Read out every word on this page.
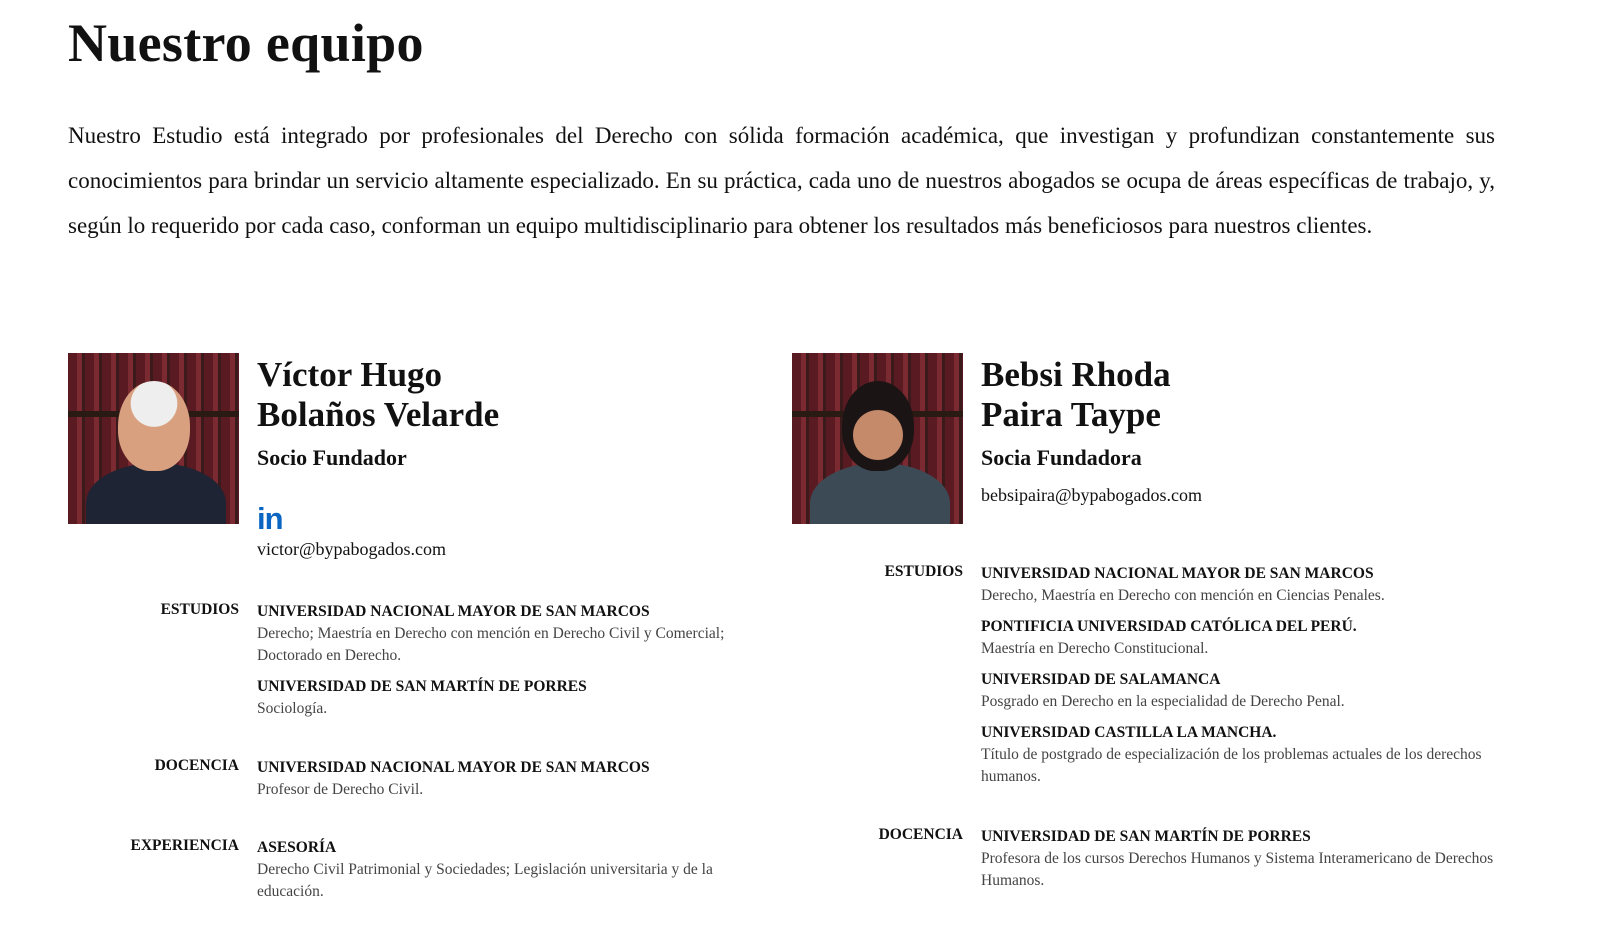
Nuestro equipo

Nuestro Estudio está integrado por profesionales del Derecho con sólida formación académica, que investigan y profundizan constantemente sus conocimientos para brindar un servicio altamente especializado. En su práctica, cada uno de nuestros abogados se ocupa de áreas específicas de trabajo, y, según lo requerido por cada caso, conforman un equipo multidisciplinario para obtener los resultados más beneficiosos para nuestros clientes.

Víctor Hugo
Bolaños Velarde
Socio Fundador
in
victor@bypabogados.com
ESTUDIOS UNIVERSIDAD NACIONAL MAYOR DE SAN MARCOS

Derecho; Maestría en Derecho con mención en Derecho Civil y Comercial; Doctorado en Derecho.

UNIVERSIDAD DE SAN MARTÍN DE PORRES

Sociología.

DOCENCIA UNIVERSIDAD NACIONAL MAYOR DE SAN MARCOS

Profesor de Derecho Civil.

EXPERIENCIA ASESORÍA

Derecho Civil Patrimonial y Sociedades; Legislación universitaria y de la educación.

Bebsi Rhoda
Paira Taype
Socia Fundadora
bebsipaira@bypabogados.com
ESTUDIOS UNIVERSIDAD NACIONAL MAYOR DE SAN MARCOS

Derecho, Maestría en Derecho con mención en Ciencias Penales.

PONTIFICIA UNIVERSIDAD CATÓLICA DEL PERÚ.

Maestría en Derecho Constitucional.

UNIVERSIDAD DE SALAMANCA

Posgrado en Derecho en la especialidad de Derecho Penal.

UNIVERSIDAD CASTILLA LA MANCHA.

Título de postgrado de especialización de los problemas actuales de los derechos humanos.

DOCENCIA UNIVERSIDAD DE SAN MARTÍN DE PORRES

Profesora de los cursos Derechos Humanos y Sistema Interamericano de Derechos Humanos.
